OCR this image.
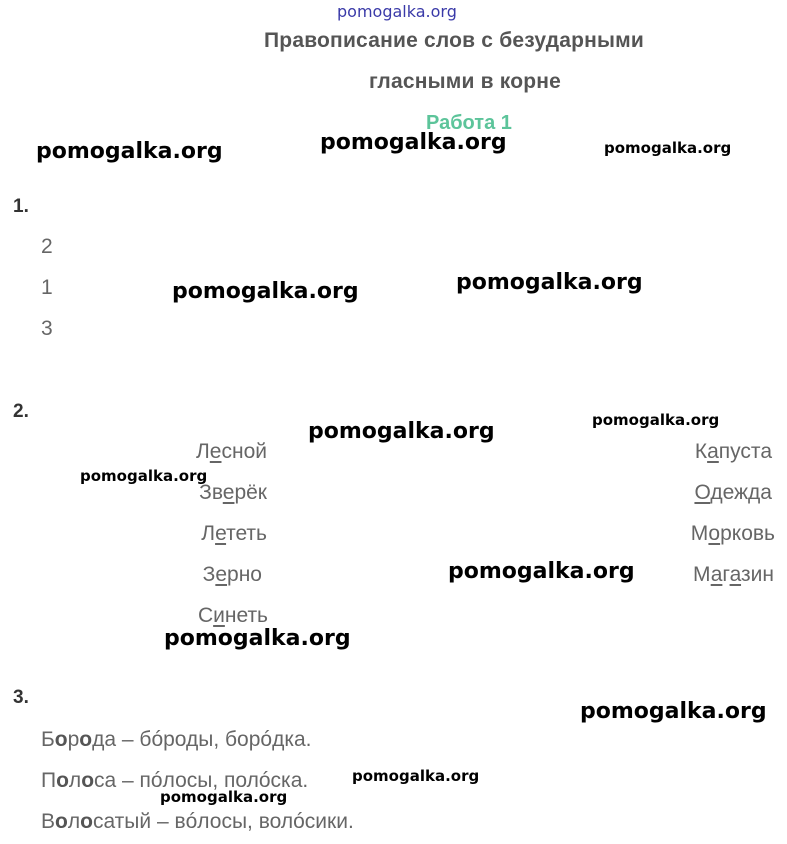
pomogalka.org
Правописание слов с безударными
гласными в корне
Работа 1
pomogalka.org	pomogalka.org	pomogalka.org
pomogalka.org	pomogalka.org
pomogalka.org	pomogalka.org
pomogalka.org
pomogalka.org
pomogalka.org
pomogalka.org
pomogalka.org
pomogalka.org
1.
2
1
3
2.
Лесной
Зверёк
Лететь
Зерно
Синеть
Капуста
Одежда
Морковь
Магазин
3.
Борода – бóроды, борóдка.
Полоса – пóлосы, полóска.
Волосатый – вóлосы, волóсики.
